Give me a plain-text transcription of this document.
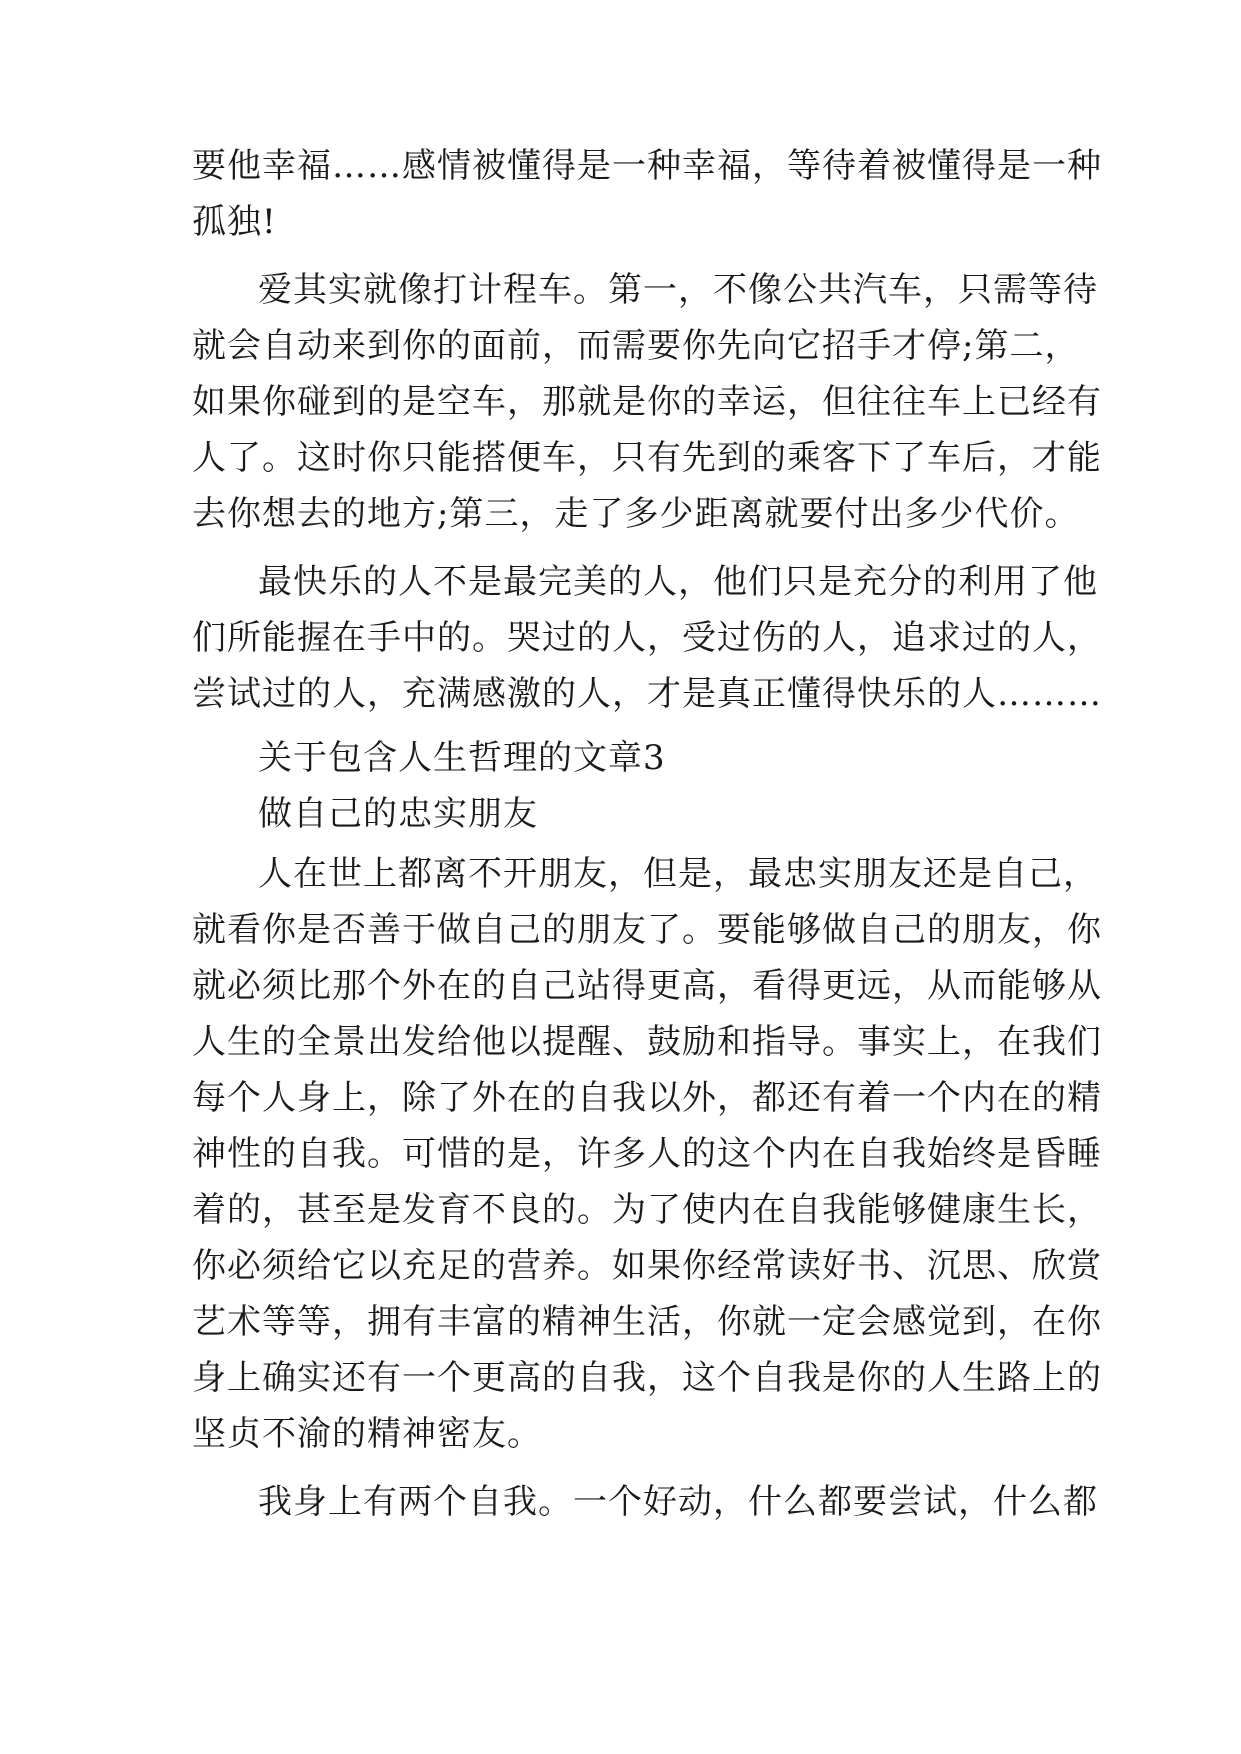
要他幸福……感情被懂得是一种幸福，等待着被懂得是一种
孤独!
爱其实就像打计程车。第一，不像公共汽车，只需等待
就会自动来到你的面前，而需要你先向它招手才停;第二，
如果你碰到的是空车，那就是你的幸运，但往往车上已经有
人了。这时你只能搭便车，只有先到的乘客下了车后，才能
去你想去的地方;第三，走了多少距离就要付出多少代价。
最快乐的人不是最完美的人，他们只是充分的利用了他
们所能握在手中的。哭过的人，受过伤的人，追求过的人，
尝试过的人，充满感激的人，才是真正懂得快乐的人………
关于包含人生哲理的文章3
做自己的忠实朋友
人在世上都离不开朋友，但是，最忠实朋友还是自己，
就看你是否善于做自己的朋友了。要能够做自己的朋友，你
就必须比那个外在的自己站得更高，看得更远，从而能够从
人生的全景出发给他以提醒、鼓励和指导。事实上，在我们
每个人身上，除了外在的自我以外，都还有着一个内在的精
神性的自我。可惜的是，许多人的这个内在自我始终是昏睡
着的，甚至是发育不良的。为了使内在自我能够健康生长，
你必须给它以充足的营养。如果你经常读好书、沉思、欣赏
艺术等等，拥有丰富的精神生活，你就一定会感觉到，在你
身上确实还有一个更高的自我，这个自我是你的人生路上的
坚贞不渝的精神密友。
我身上有两个自我。一个好动，什么都要尝试，什么都
